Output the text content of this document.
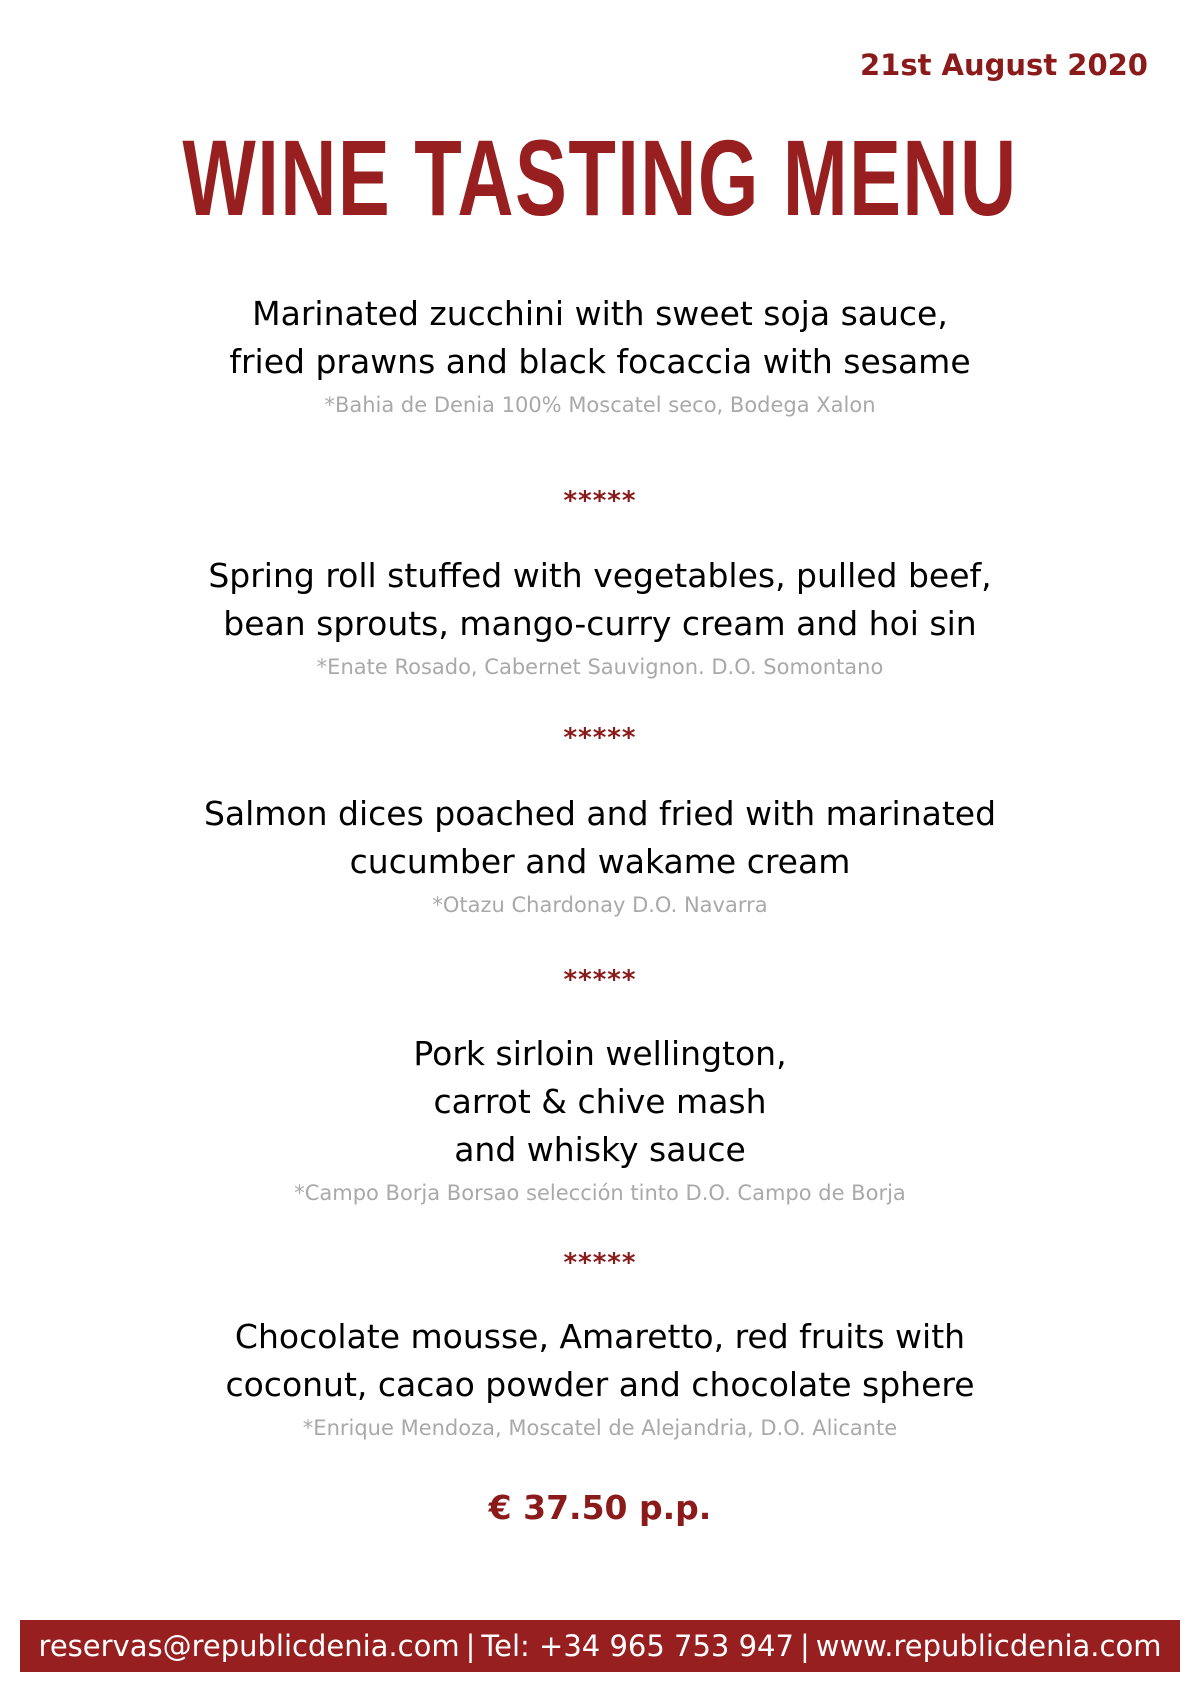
21st August 2020
WINE TASTING MENU
Marinated zucchini with sweet soja sauce,
fried prawns and black focaccia with sesame
*Bahia de Denia 100% Moscatel seco, Bodega Xalon
*****
Spring roll stuffed with vegetables, pulled beef,
bean sprouts, mango-curry cream and hoi sin
*Enate Rosado, Cabernet Sauvignon. D.O. Somontano
*****
Salmon dices poached and fried with marinated
cucumber and wakame cream
*Otazu Chardonay D.O. Navarra
*****
Pork sirloin wellington,
carrot & chive mash
and whisky sauce
*Campo Borja Borsao selección tinto D.O. Campo de Borja
*****
Chocolate mousse, Amaretto, red fruits with
coconut, cacao powder and chocolate sphere
*Enrique Mendoza, Moscatel de Alejandria, D.O. Alicante
€ 37.50 p.p.
reservas@republicdenia.com | Tel: +34 965 753 947 | www.republicdenia.com
